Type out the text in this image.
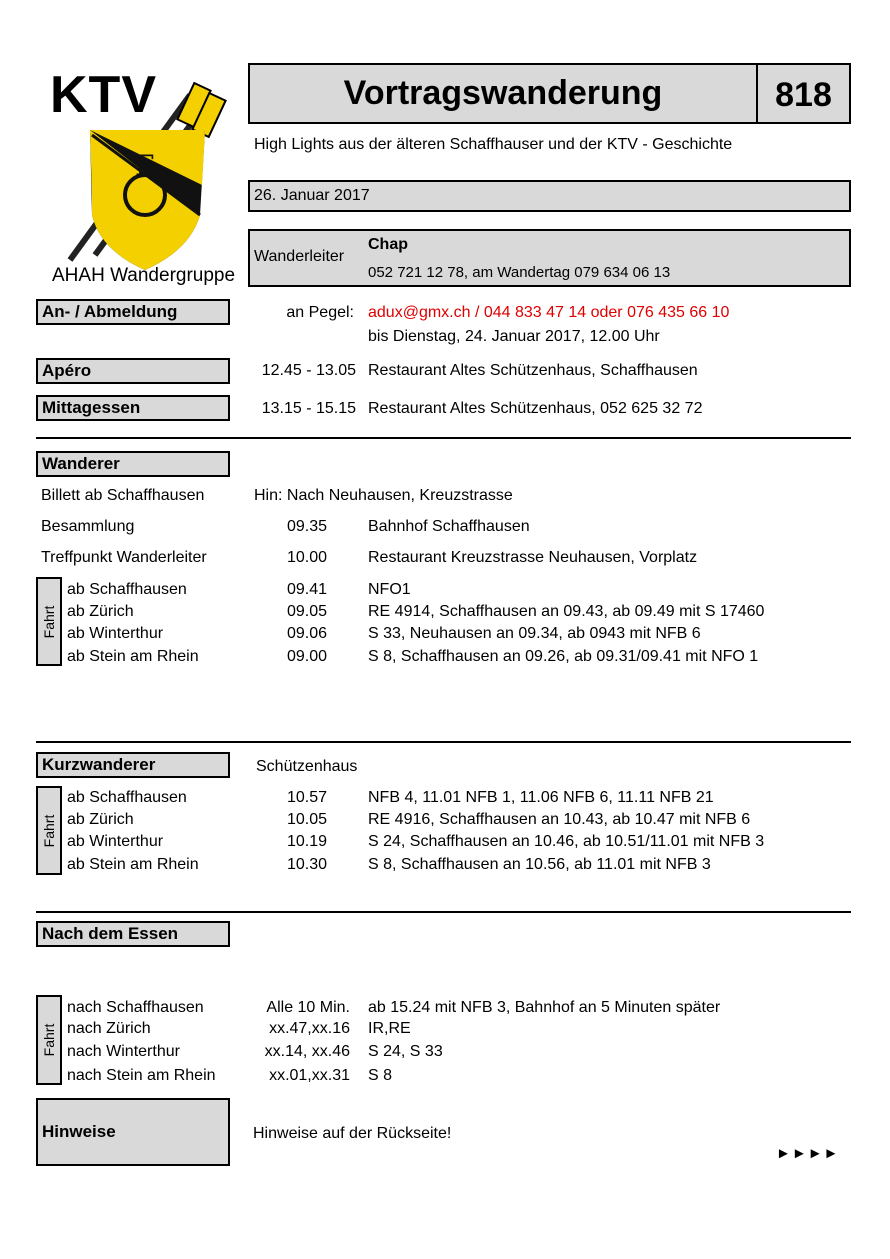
KTV
F
AHAH Wandergruppe
Vortragswanderung	818
High Lights aus der älteren Schaffhauser und der KTV - Geschichte
26. Januar 2017
Wanderleiter
Chap
052 721 12 78, am Wandertag 079 634 06 13
An- / Abmeldung	an Pegel: adux@gmx.ch / 044 833 47 14 oder 076 435 66 10
bis Dienstag, 24. Januar 2017, 12.00 Uhr
Apéro	12.45 - 13.05 Restaurant Altes Schützenhaus, Schaffhausen
Mittagessen	13.15 - 15.15 Restaurant Altes Schützenhaus, 052 625 32 72
Wanderer
Billett ab Schaffhausen	Hin: Nach Neuhausen, Kreuzstrasse
Besammlung	09.35	Bahnhof Schaffhausen
Treffpunkt Wanderleiter	10.00	Restaurant Kreuzstrasse Neuhausen, Vorplatz
Fahrt
ab Schaffhausen	09.41	NFO1
ab Zürich	09.05	RE 4914, Schaffhausen an 09.43, ab 09.49 mit S 17460
ab Winterthur	09.06	S 33, Neuhausen an 09.34, ab 0943 mit NFB 6
ab Stein am Rhein	09.00	S 8, Schaffhausen an 09.26, ab 09.31/09.41 mit NFO 1
Kurzwanderer	Schützenhaus
Fahrt
ab Schaffhausen	10.57	NFB 4, 11.01 NFB 1, 11.06 NFB 6, 11.11 NFB 21
ab Zürich	10.05	RE 4916, Schaffhausen an 10.43, ab 10.47 mit NFB 6
ab Winterthur	10.19	S 24, Schaffhausen an 10.46, ab 10.51/11.01 mit NFB 3
ab Stein am Rhein	10.30	S 8, Schaffhausen an 10.56, ab 11.01 mit NFB 3
Nach dem Essen
Fahrt
nach Schaffhausen	Alle 10 Min. ab 15.24 mit NFB 3, Bahnhof an 5 Minuten später
nach Zürich	xx.47,xx.16 IR,RE
nach Winterthur	xx.14, xx.46 S 24, S 33
nach Stein am Rhein	xx.01,xx.31 S 8
Hinweise	Hinweise auf der Rückseite!
►►►►
